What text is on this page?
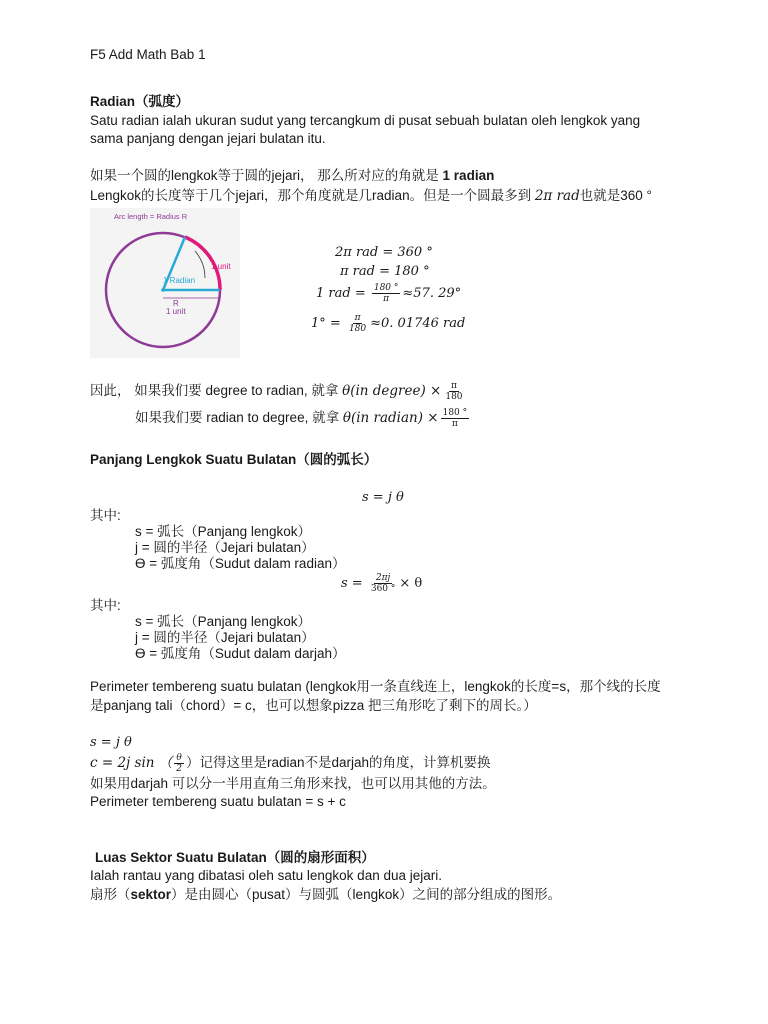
F5 Add Math Bab 1
Radian（弧度）
Satu radian ialah ukuran sudut yang tercangkum di pusat sebuah bulatan oleh lengkok yang
sama panjang dengan jejari bulatan itu.
如果一个圆的lengkok等于圆的jejari， 那么所对应的角就是 1 radian
Lengkok的长度等于几个jejari，那个角度就是几radian。但是一个圆最多到 2π rad也就是360 °
Arc length = Radius R
1 unit
1 Radian
R
1 unit
2π rad = 360 °
π rad = 180 °
1 rad = $\frac{180 ^\circ}{\pi} \approx 57$. 29°
$1^\circ = \frac{\pi}{180} \approx 0$. 01746 rad
因此， 如果我们要 degree to radian, 就拿 θ(in degree) × $\frac{\pi}{180}$
如果我们要 radian to degree, 就拿 θ(in radian) × $\frac{180 ^\circ}{\pi}$
Panjang Lengkok Suatu Bulatan（圆的弧长）
s = j θ
其中:
s = 弧长（Panjang lengkok）
j = 圆的半径（Jejari bulatan）
Ɵ = 弧度角（Sudut dalam radian）
$s = \frac{2\pi j}{360 ^\circ} \times \theta$
其中:
s = 弧长（Panjang lengkok）
j = 圆的半径（Jejari bulatan）
Ɵ = 弧度角（Sudut dalam darjah）
Perimeter tembereng suatu bulatan (lengkok用一条直线连上，lengkok的长度=s，那个线的长度
是panjang tali（chord）= c，也可以想象pizza 把三角形吃了剩下的周长。）
s = j θ
c = 2j sin （ $\frac{\theta}{2}$ ）记得这里是radian不是darjah的角度，计算机要换
如果用darjah 可以分一半用直角三角形来找，也可以用其他的方法。
Perimeter tembereng suatu bulatan = s + c
Luas Sektor Suatu Bulatan（圆的扇形面积）
Ialah rantau yang dibatasi oleh satu lengkok dan dua jejari.
扇形（sektor）是由圆心（pusat）与圆弧（lengkok）之间的部分组成的图形。
